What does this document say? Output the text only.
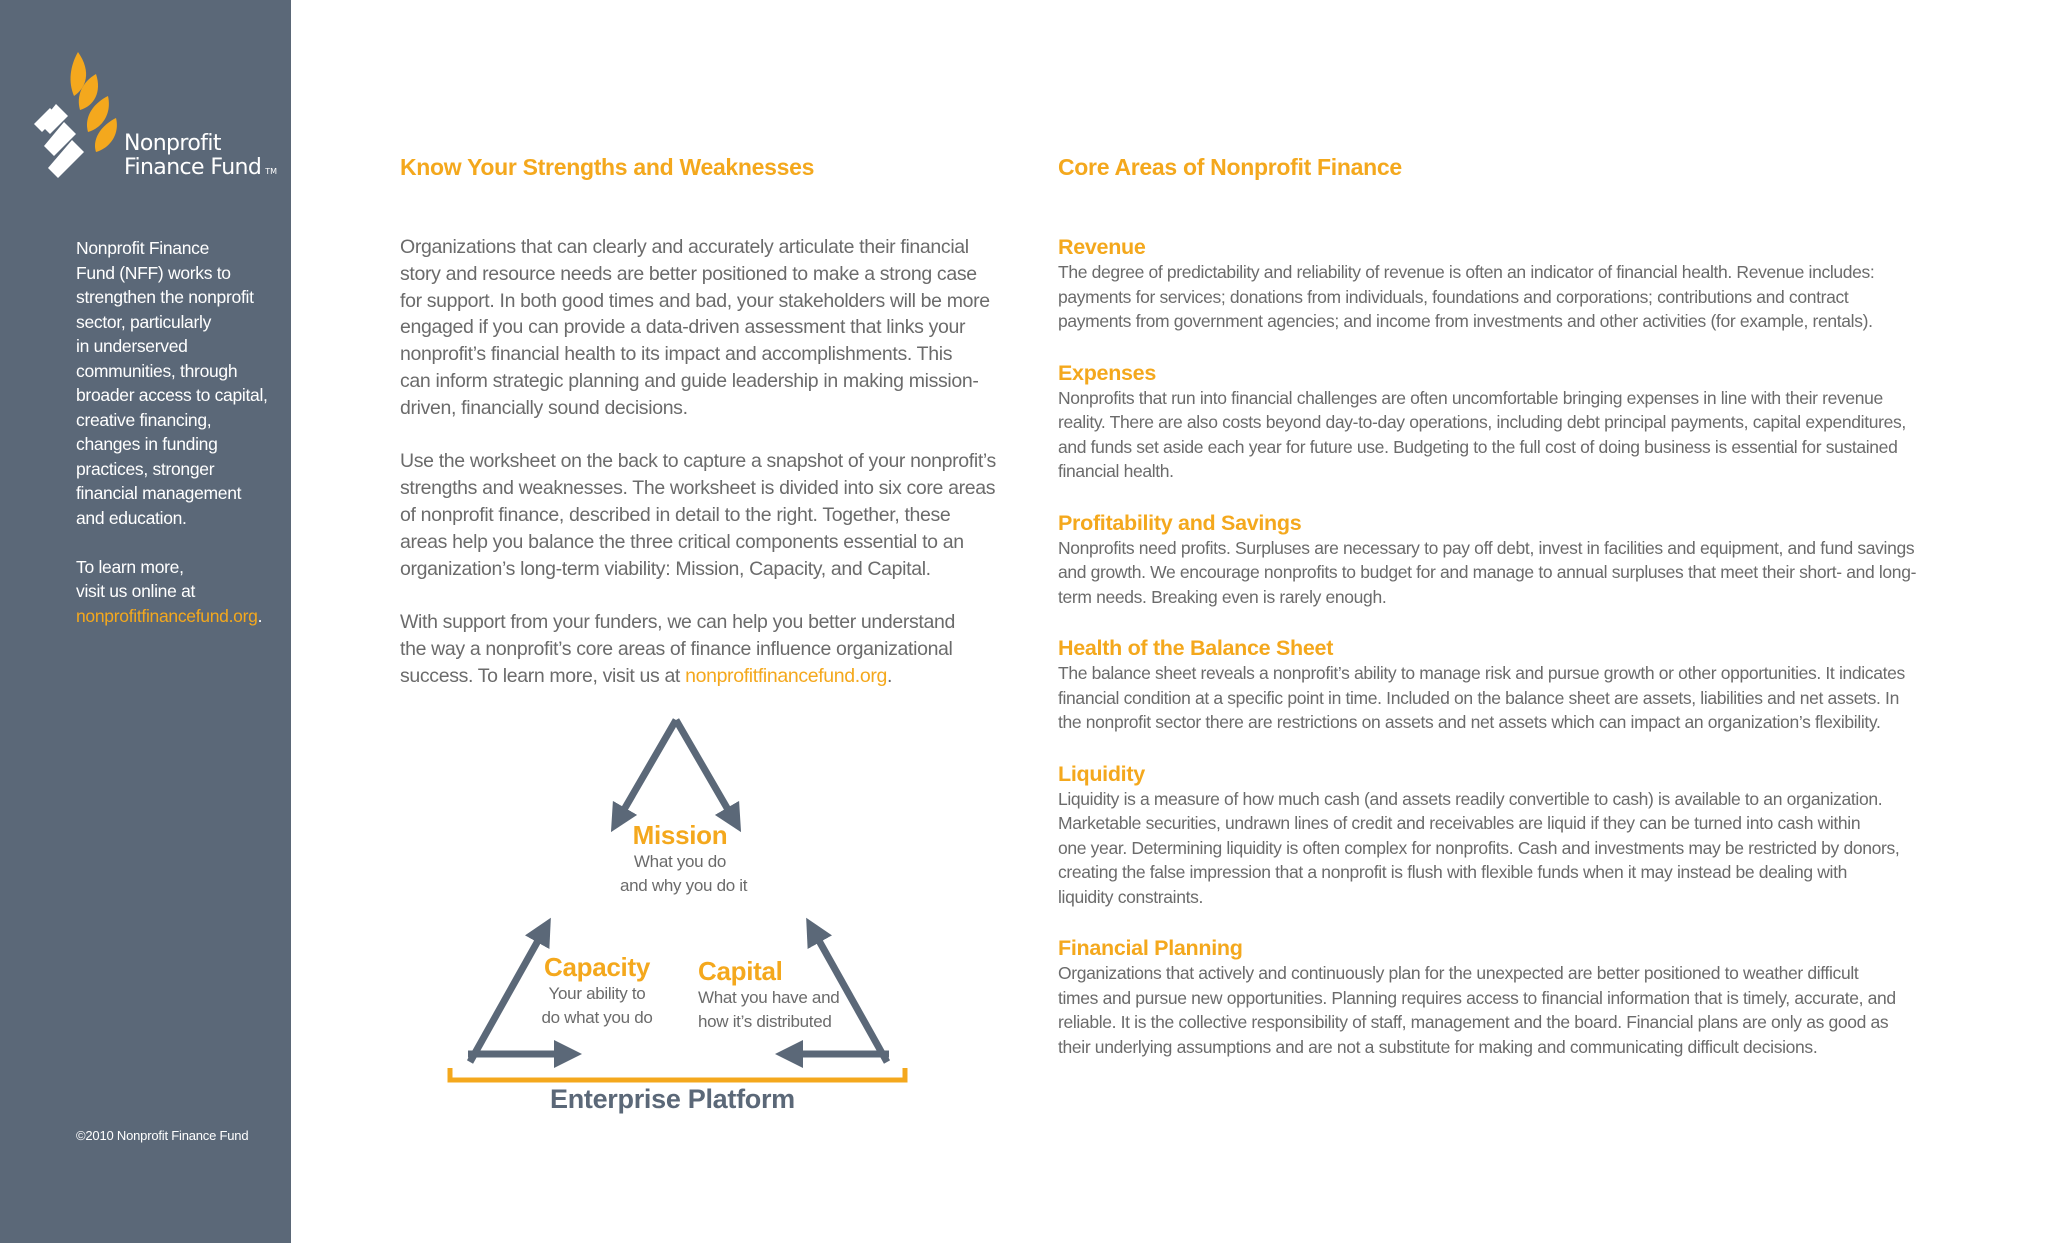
Nonprofit
Finance Fund TM

Nonprofit Finance
Fund (NFF) works to
strengthen the nonprofit
sector, particularly
in underserved
communities, through
broader access to capital,
creative financing,
changes in funding
practices, stronger
financial management
and education.

To learn more,
visit us online at
nonprofitfinancefund.org.

©2010 Nonprofit Finance Fund
Know Your Strengths and Weaknesses

Organizations that can clearly and accurately articulate their financial
story and resource needs are better positioned to make a strong case
for support. In both good times and bad, your stakeholders will be more
engaged if you can provide a data-driven assessment that links your
nonprofit’s financial health to its impact and accomplishments. This
can inform strategic planning and guide leadership in making mission-
driven, financially sound decisions.

Use the worksheet on the back to capture a snapshot of your nonprofit’s
strengths and weaknesses. The worksheet is divided into six core areas
of nonprofit finance, described in detail to the right. Together, these
areas help you balance the three critical components essential to an
organization’s long-term viability: Mission, Capacity, and Capital.

With support from your funders, we can help you better understand
the way a nonprofit’s core areas of finance influence organizational
success. To learn more, visit us at nonprofitfinancefund.org.

Mission
What you do
and why you do it
Capacity
Your ability to
do what you do
Capital
What you have and
how it’s distributed
Enterprise Platform
Core Areas of Nonprofit Finance
Revenue
The degree of predictability and reliability of revenue is often an indicator of financial health. Revenue includes:
payments for services; donations from individuals, foundations and corporations; contributions and contract
payments from government agencies; and income from investments and other activities (for example, rentals).
Expenses
Nonprofits that run into financial challenges are often uncomfortable bringing expenses in line with their revenue
reality. There are also costs beyond day-to-day operations, including debt principal payments, capital expenditures,
and funds set aside each year for future use. Budgeting to the full cost of doing business is essential for sustained
financial health.
Profitability and Savings
Nonprofits need profits. Surpluses are necessary to pay off debt, invest in facilities and equipment, and fund savings
and growth. We encourage nonprofits to budget for and manage to annual surpluses that meet their short- and long-
term needs. Breaking even is rarely enough.
Health of the Balance Sheet
The balance sheet reveals a nonprofit’s ability to manage risk and pursue growth or other opportunities. It indicates
financial condition at a specific point in time. Included on the balance sheet are assets, liabilities and net assets. In
the nonprofit sector there are restrictions on assets and net assets which can impact an organization’s flexibility.
Liquidity
Liquidity is a measure of how much cash (and assets readily convertible to cash) is available to an organization.
Marketable securities, undrawn lines of credit and receivables are liquid if they can be turned into cash within
one year. Determining liquidity is often complex for nonprofits. Cash and investments may be restricted by donors,
creating the false impression that a nonprofit is flush with flexible funds when it may instead be dealing with
liquidity constraints.
Financial Planning
Organizations that actively and continuously plan for the unexpected are better positioned to weather difficult
times and pursue new opportunities. Planning requires access to financial information that is timely, accurate, and
reliable. It is the collective responsibility of staff, management and the board. Financial plans are only as good as
their underlying assumptions and are not a substitute for making and communicating difficult decisions.
